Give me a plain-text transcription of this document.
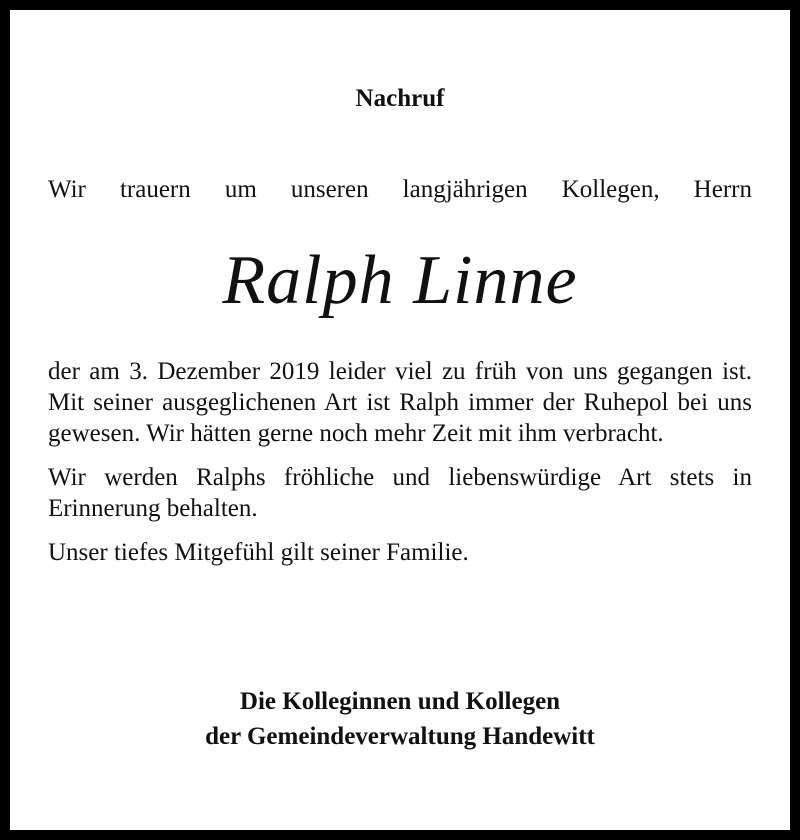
Nachruf
Wir trauern um unseren langjährigen Kollegen, Herrn
Ralph Linne

der am 3. Dezember 2019 leider viel zu früh von uns gegangen ist. Mit seiner ausgeglichenen Art ist Ralph immer der Ruhepol bei uns gewesen. Wir hätten gerne noch mehr Zeit mit ihm verbracht.

Wir werden Ralphs fröhliche und liebenswürdige Art stets in Erinnerung behalten.

Unser tiefes Mitgefühl gilt seiner Familie.

Die Kolleginnen und Kollegen
der Gemeindeverwaltung Handewitt
